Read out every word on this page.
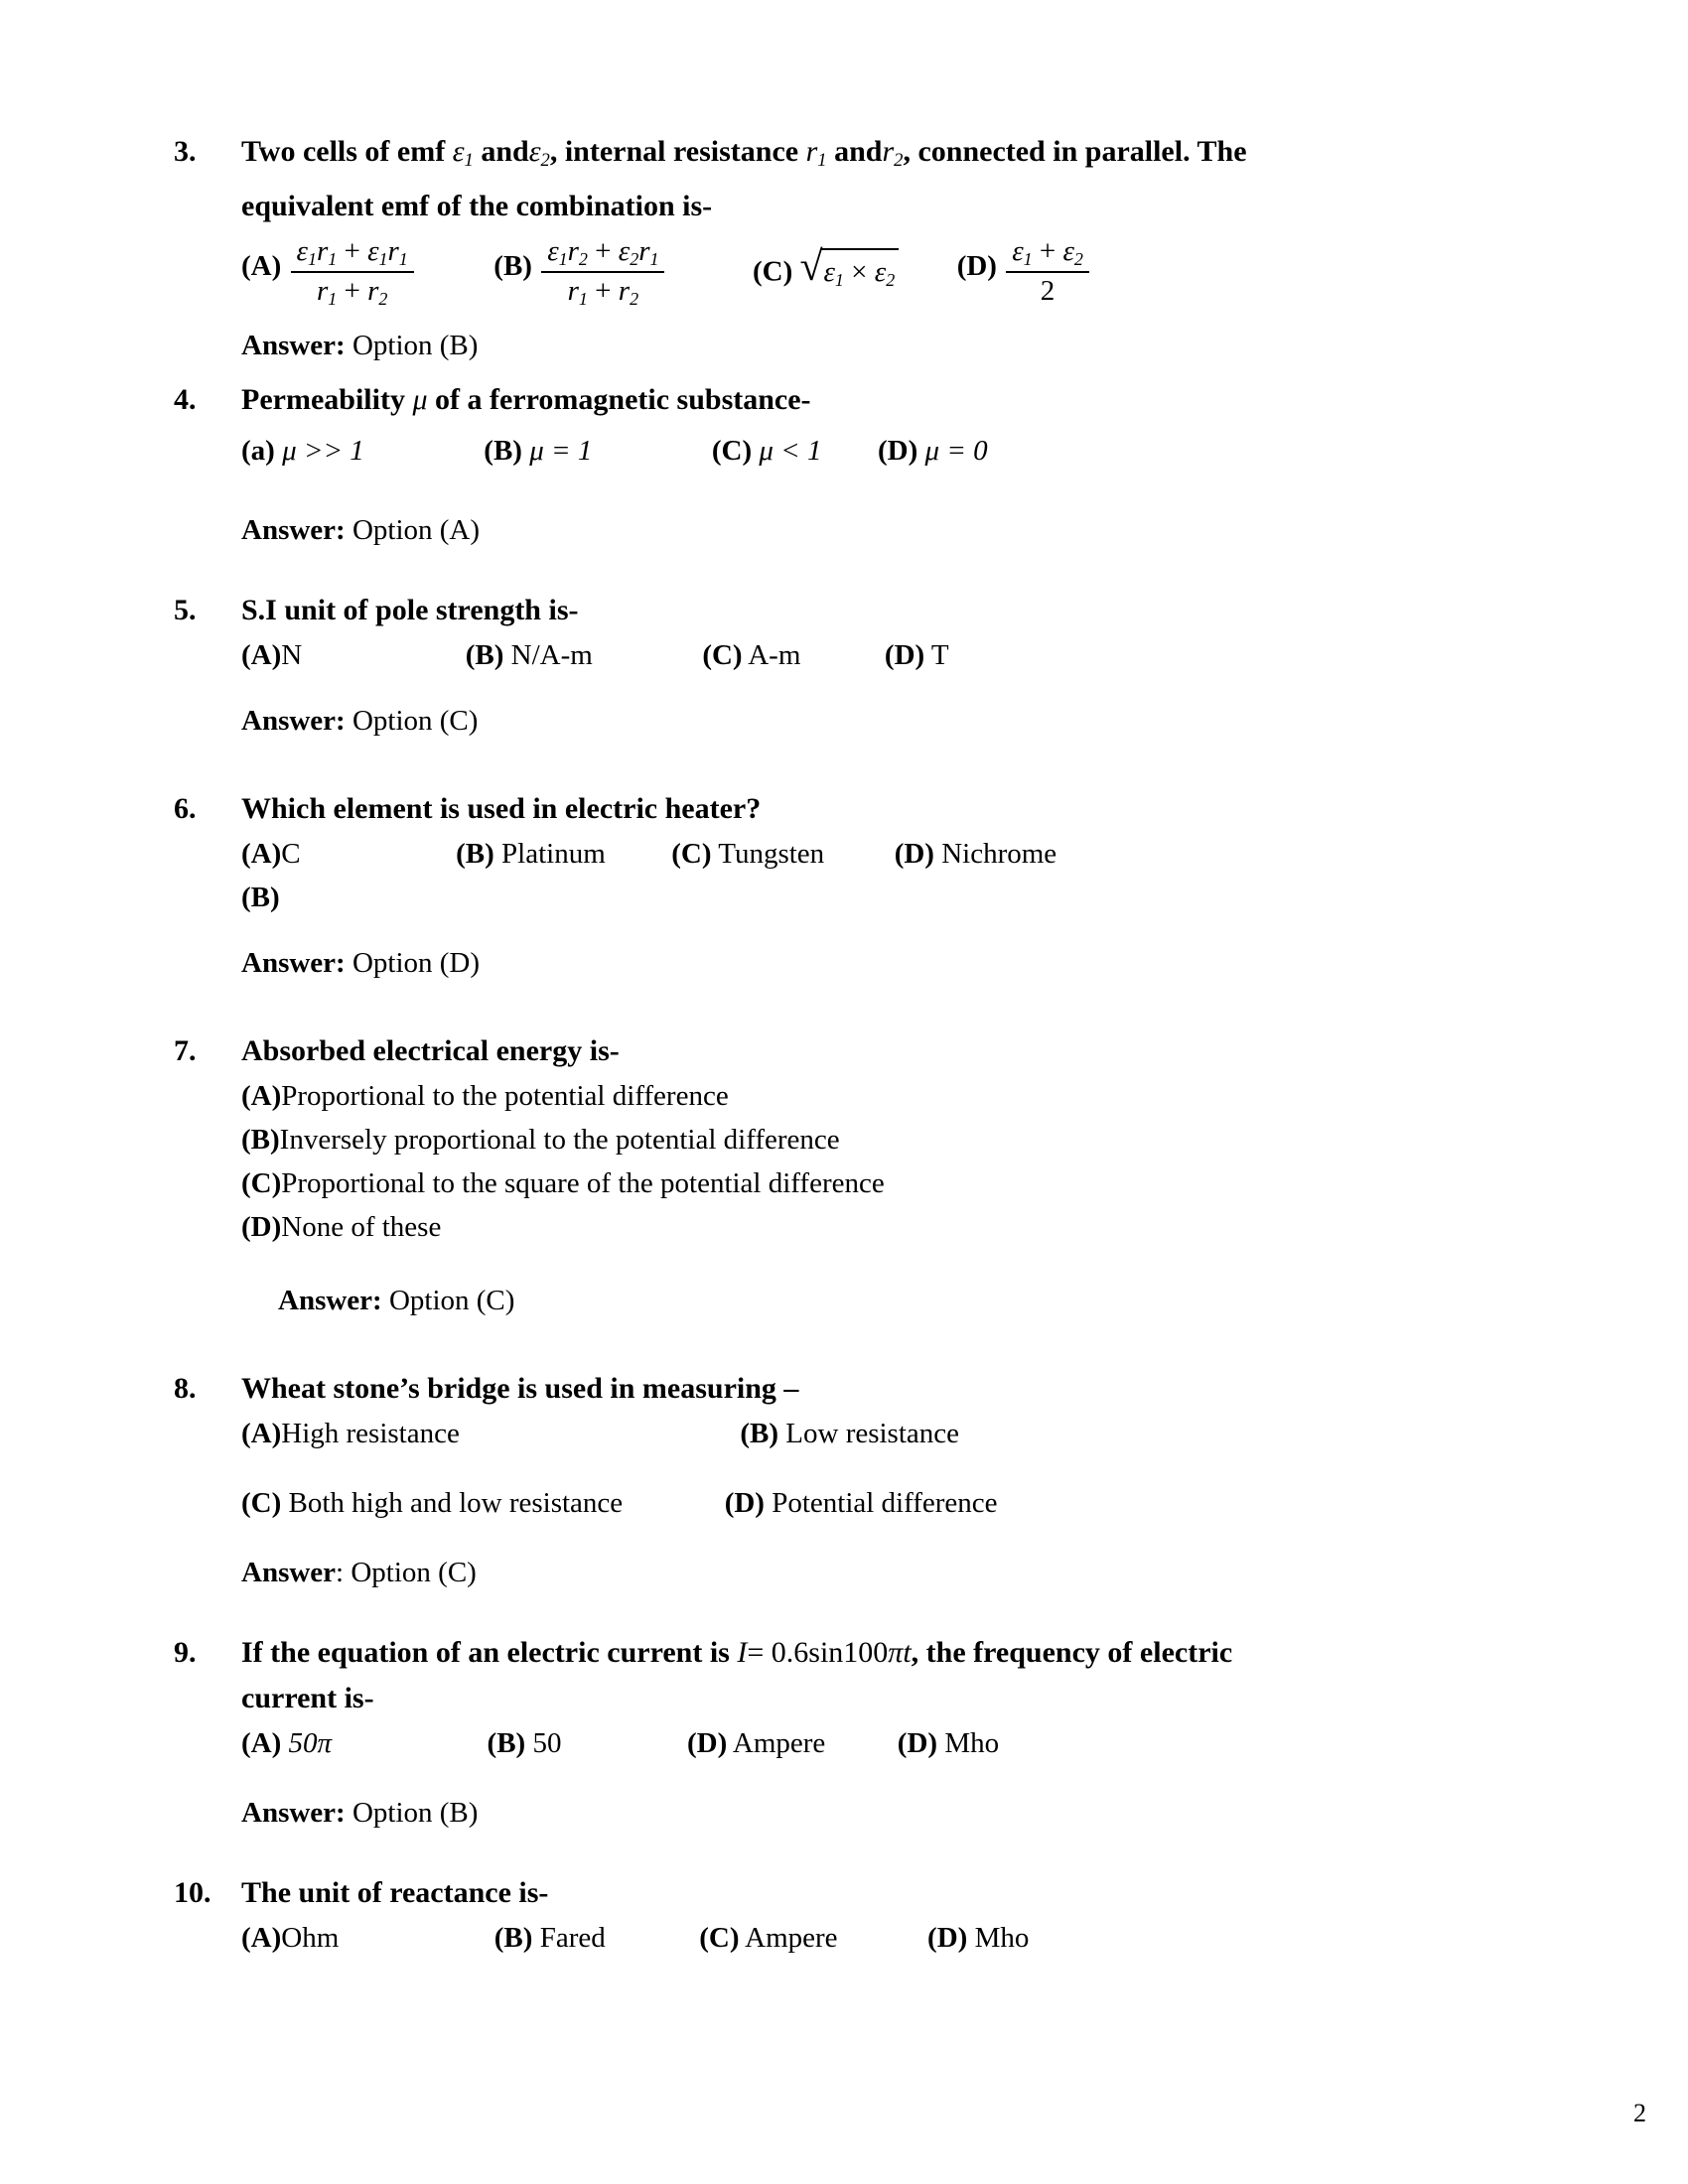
3.	Two cells of emf $\varepsilon_1$ andε$_2$, internal resistance $r_1$ andr$_2$, connected in parallel. The
equivalent emf of the combination is-
$(A) \frac{\varepsilon_1r_1 + \varepsilon_1r_1}{r_1 + r_2}$	$(B) \frac{\varepsilon_1r_2 + \varepsilon_2r_1}{r_1 + r_2}$	(C) √ $\varepsilon_1 \times \varepsilon_2$ $(D) \frac{\varepsilon_1 + \varepsilon_2}{2}$
Answer: Option (B)
4.	Permeability μ of a ferromagnetic substance-
(a) μ >> 1	(B) μ = 1	(C) μ < 1 (D) μ = 0
Answer: Option (A)
5.	S.I unit of pole strength is-
(A)N	(B) N/A-m	(C) A-m	(D) T
Answer: Option (C)
6.	Which element is used in electric heater?
(A)C	(B) Platinum (C) Tungsten (D) Nichrome
(B)
Answer: Option (D)
7.	Absorbed electrical energy is-
(A)Proportional to the potential difference
(B)Inversely proportional to the potential difference
(C)Proportional to the square of the potential difference
(D)None of these
Answer: Option (C)
8.	Wheat stone’s bridge is used in measuring –
(A)High resistance	(B) Low resistance
(C) Both high and low resistance	(D) Potential difference
Answer: Option (C)
9.	If the equation of an electric current is I= 0.6sin100πt, the frequency of electric
current is-
(A) 50π	(B) 50	(D) Ampere	(D) Mho
Answer: Option (B)
10.	The unit of reactance is-
(A)Ohm	(B) Fared	(C) Ampere	(D) Mho
2
